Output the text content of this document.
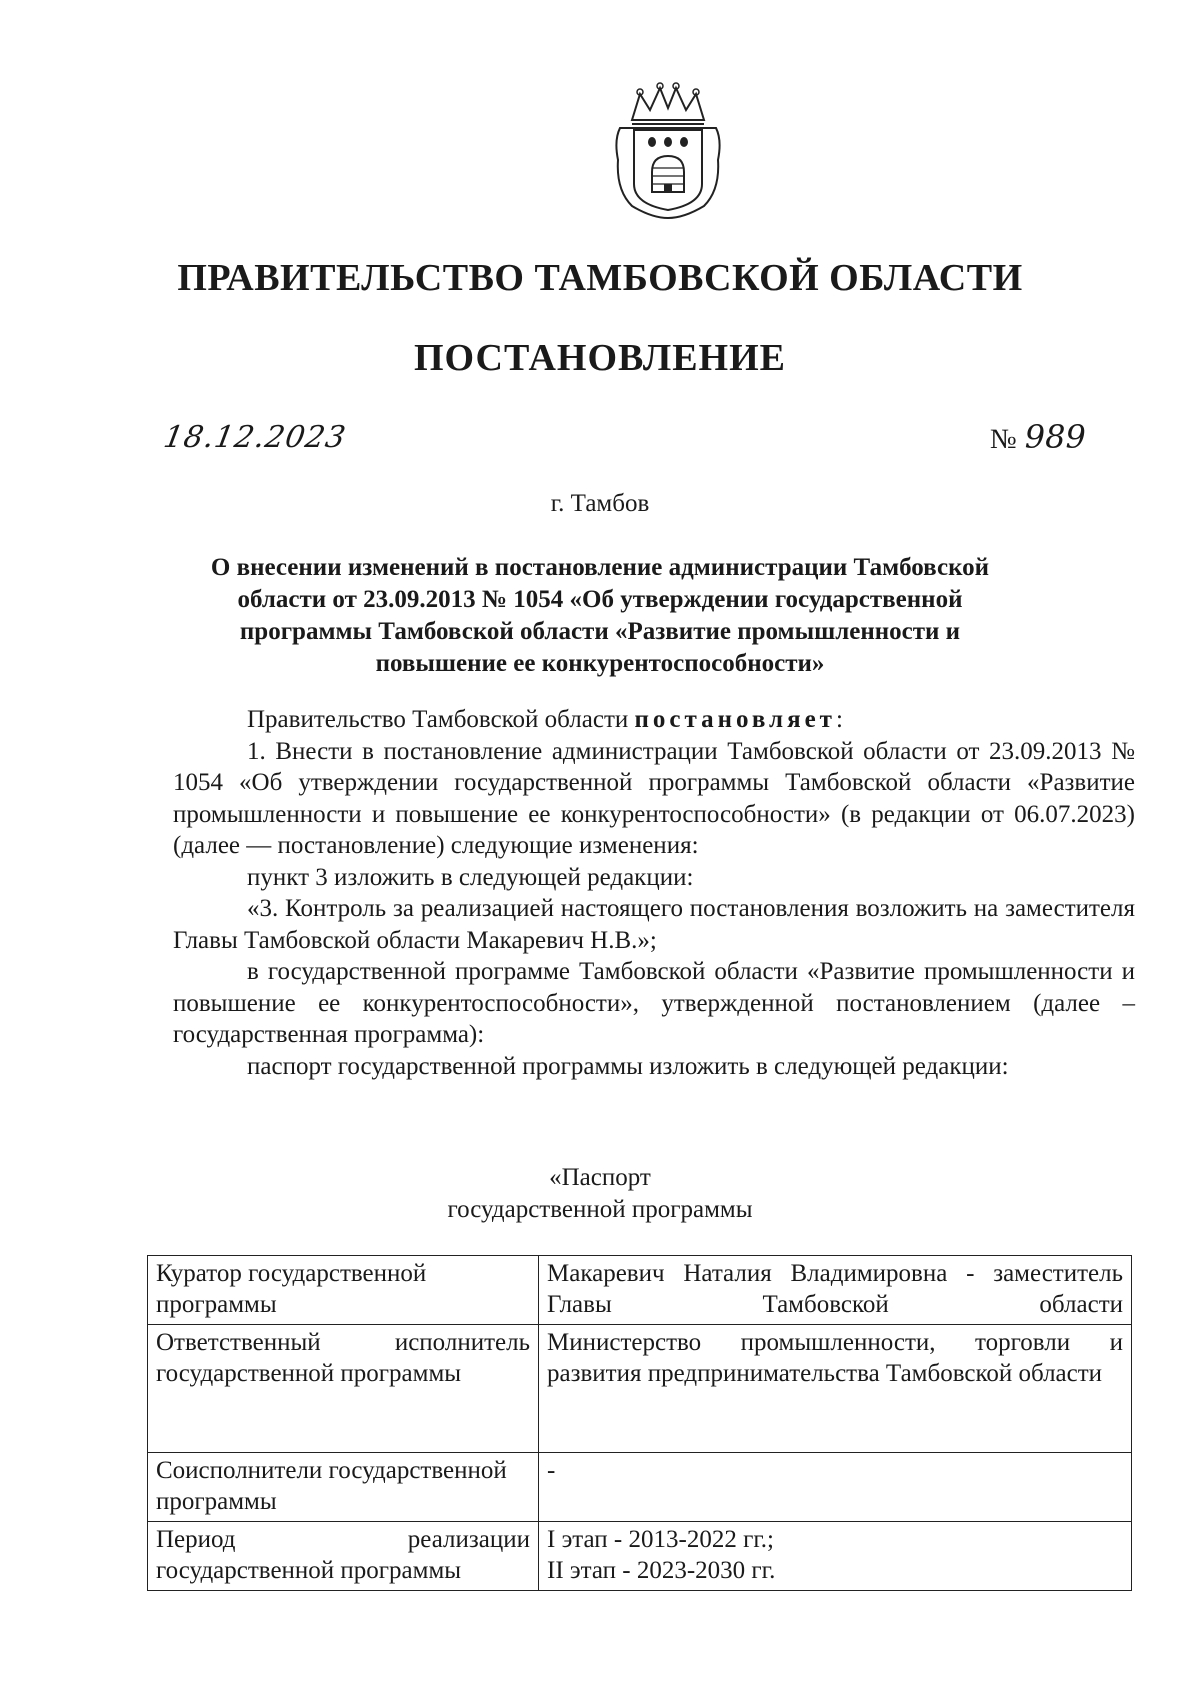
ПРАВИТЕЛЬСТВО ТАМБОВСКОЙ ОБЛАСТИ
ПОСТАНОВЛЕНИЕ
18.12.2023	№ 989
г. Тамбов
О внесении изменений в постановление администрации Тамбовской
области от 23.09.2013 № 1054 «Об утверждении государственной
программы Тамбовской области «Развитие промышленности и
повышение ее конкурентоспособности»

Правительство Тамбовской области постановляет:

1. Внести в постановление администрации Тамбовской области от 23.09.2013 № 1054 «Об утверждении государственной программы Тамбовской области «Развитие промышленности и повышение ее конкурентоспособности» (в редакции от 06.07.2023) (далее — постановление) следующие изменения:

пункт 3 изложить в следующей редакции:

«3. Контроль за реализацией настоящего постановления возложить на заместителя Главы Тамбовской области Макаревич Н.В.»;

в государственной программе Тамбовской области «Развитие промышленности и повышение ее конкурентоспособности», утвержденной постановлением (далее – государственная программа):

паспорт государственной программы изложить в следующей редакции:

«Паспорт
государственной программы
Куратор государственной программы	Макаревич Наталия Владимировна - заместитель Главы Тамбовской области
Ответственный исполнитель государственной программы	Министерство промышленности, торговли и развития предпринимательства Тамбовской области
Соисполнители государственной программы	-
Период реализации государственной программы	I этап - 2013-2022 гг.;
II этап - 2023-2030 гг.
